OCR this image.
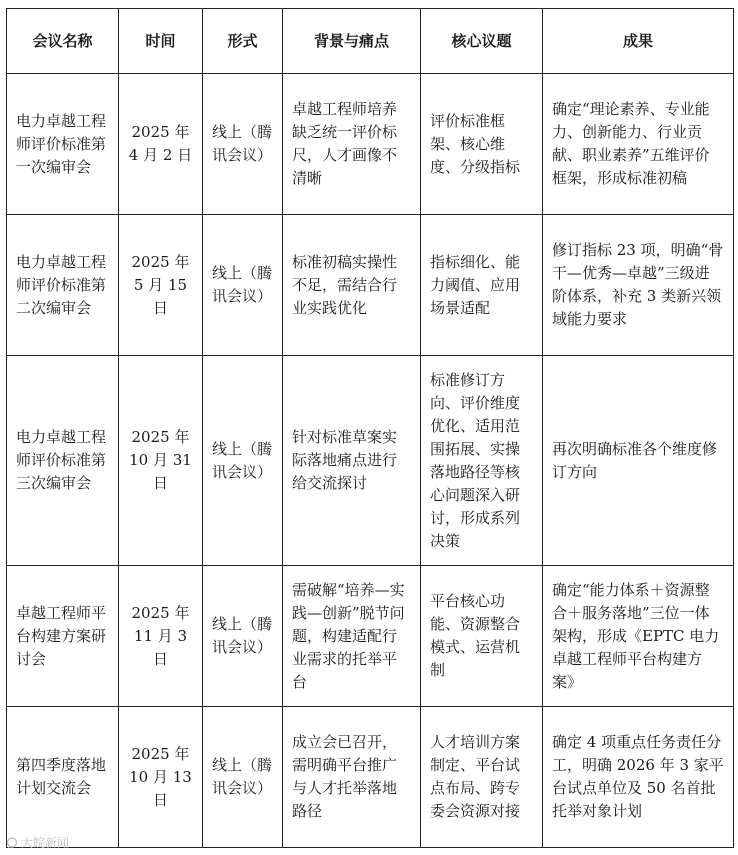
会议名称	时间	形式	背景与痛点	核心议题	成果
电力卓越工程师评价标准第一次编审会	2025 年 4 月 2 日	线上（腾讯会议）	卓越工程师培养缺乏统一评价标尺，人才画像不清晰	评价标准框架、核心维度、分级指标	确定“理论素养、专业能力、创新能力、行业贡献、职业素养”五维评价框架，形成标准初稿
电力卓越工程师评价标准第二次编审会	2025 年 5 月 15 日	线上（腾讯会议）	标准初稿实操性不足，需结合行业实践优化	指标细化、能力阈值、应用场景适配	修订指标 23 项，明确“骨干—优秀—卓越”三级进阶体系，补充 3 类新兴领域能力要求
电力卓越工程师评价标准第三次编审会	2025 年 10 月 31 日	线上（腾讯会议）	针对标准草案实际落地痛点进行给交流探讨	标准修订方向、评价维度优化、适用范围拓展、实操落地路径等核心问题深入研讨，形成系列决策	再次明确标准各个维度修订方向
卓越工程师平台构建方案研讨会	2025 年 11 月 3 日	线上（腾讯会议）	需破解“培养—实践—创新”脱节问题，构建适配行业需求的托举平台	平台核心功能、资源整合模式、运营机制	确定“能力体系＋资源整合＋服务落地”三位一体架构，形成《EPTC 电力卓越工程师平台构建方案》
第四季度落地计划交流会	2025 年 10 月 13 日	线上（腾讯会议）	成立会已召开，需明确平台推广与人才托举落地路径	人才培训方案制定、平台试点布局、跨专委会资源对接	确定 4 项重点任务责任分工，明确 2026 年 3 家平台试点单位及 50 名首批托举对象计划
大皖新闻
